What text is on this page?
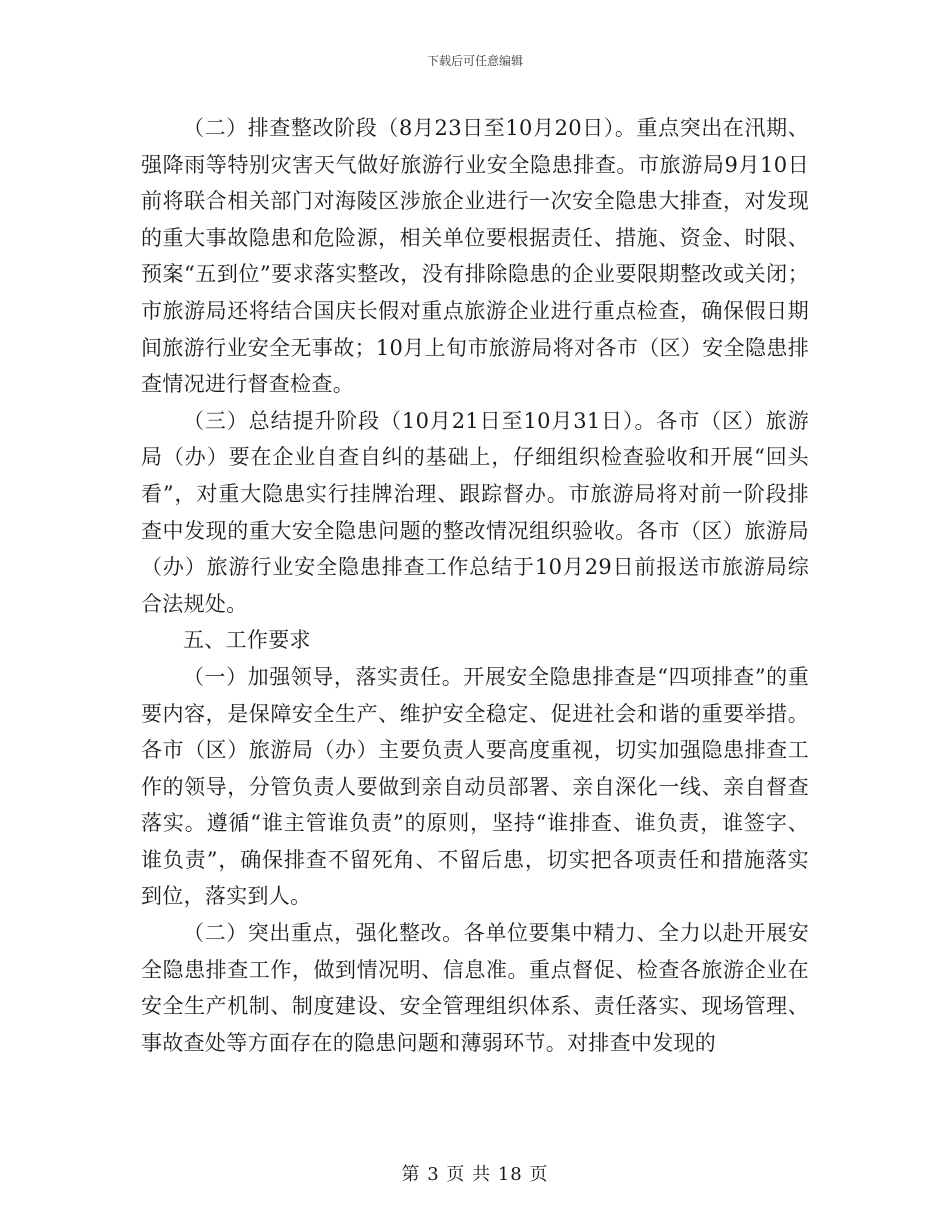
下载后可任意编辑

（二）排查整改阶段（8月23日至10月20日）。重点突出在汛期、强降雨等特别灾害天气做好旅游行业安全隐患排查。市旅游局9月10日前将联合相关部门对海陵区涉旅企业进行一次安全隐患大排查，对发现的重大事故隐患和危险源，相关单位要根据责任、措施、资金、时限、预案“五到位”要求落实整改，没有排除隐患的企业要限期整改或关闭；市旅游局还将结合国庆长假对重点旅游企业进行重点检查，确保假日期间旅游行业安全无事故；10月上旬市旅游局将对各市（区）安全隐患排查情况进行督查检查。

（三）总结提升阶段（10月21日至10月31日）。各市（区）旅游局（办）要在企业自查自纠的基础上，仔细组织检查验收和开展“回头看”，对重大隐患实行挂牌治理、跟踪督办。市旅游局将对前一阶段排查中发现的重大安全隐患问题的整改情况组织验收。各市（区）旅游局（办）旅游行业安全隐患排查工作总结于10月29日前报送市旅游局综合法规处。

五、工作要求

（一）加强领导，落实责任。开展安全隐患排查是“四项排查”的重要内容，是保障安全生产、维护安全稳定、促进社会和谐的重要举措。各市（区）旅游局（办）主要负责人要高度重视，切实加强隐患排查工作的领导，分管负责人要做到亲自动员部署、亲自深化一线、亲自督查落实。遵循“谁主管谁负责”的原则，坚持“谁排查、谁负责，谁签字、谁负责”，确保排查不留死角、不留后患，切实把各项责任和措施落实到位，落实到人。

（二）突出重点，强化整改。各单位要集中精力、全力以赴开展安全隐患排查工作，做到情况明、信息准。重点督促、检查各旅游企业在安全生产机制、制度建设、安全管理组织体系、责任落实、现场管理、事故查处等方面存在的隐患问题和薄弱环节。对排查中发现的

第 3 页 共 18 页
